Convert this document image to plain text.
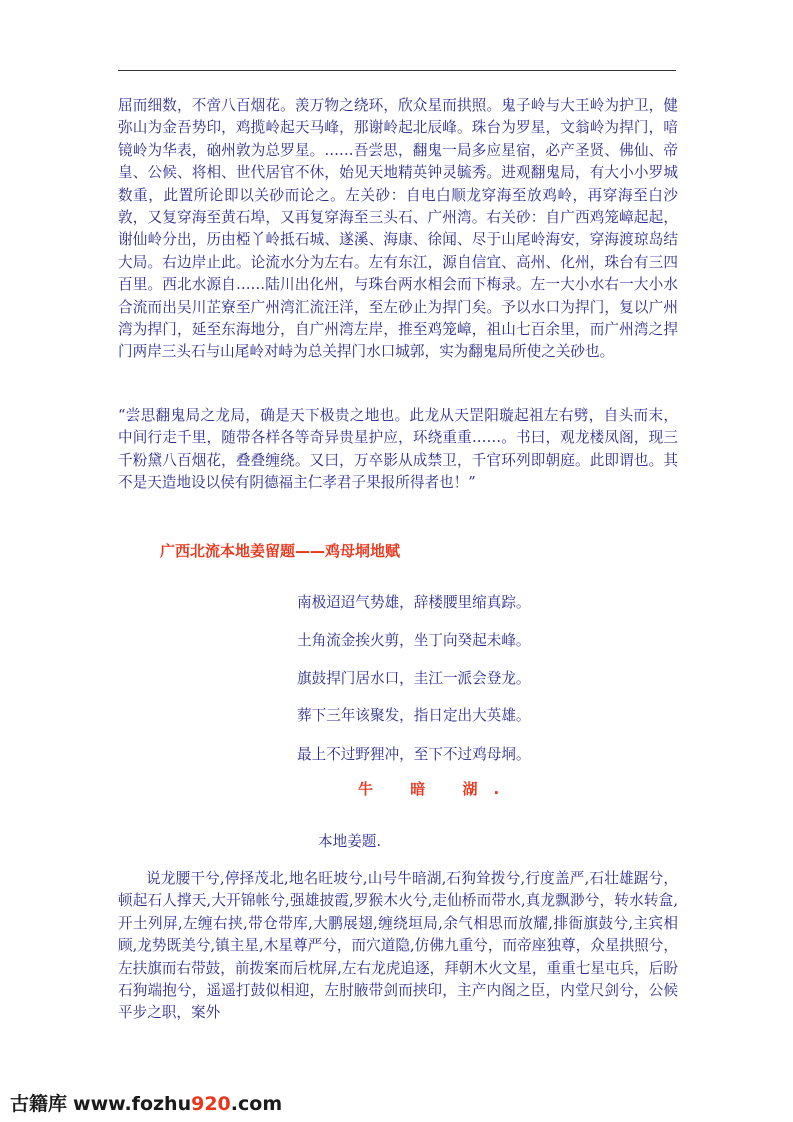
屈而细数，不啻八百烟花。羡万物之绕环，欣众星而拱照。鬼子岭与大王岭为护卫，健弥山为金吾势印，鸡揽岭起天马峰，那谢岭起北辰峰。珠台为罗星，文翁岭为捍门，喑镜岭为华表，硇州敦为总罗星。……吾尝思，翻鬼一局多应星宿，必产圣贤、佛仙、帝皇、公候、将相、世代居官不休，始见天地精英钟灵毓秀。进观翻鬼局，有大小小罗城数重，此置所论即以关砂而论之。左关砂：自电白顺龙穿海至放鸡岭，再穿海至白沙敦，又复穿海至黄石埠，又再复穿海至三头石、广州湾。右关砂：自广西鸡笼嶂起起，谢仙岭分出，历由椏丫岭抵石城、遂溪、海康、徐闻、尽于山尾岭海安，穿海渡琼岛结大局。右边岸止此。论流水分为左右。左有东江，源自信宜、高州、化州，珠台有三四百里。西北水源自……陆川出化州，与珠台两水相会而下梅录。左一大小水右一大小水合流而出吴川芷寮至广州湾汇流汪洋，至左砂止为捍门矣。予以水口为捍门，复以广州湾为捍门，延至东海地分，自广州湾左岸，推至鸡笼嶂，祖山七百余里，而广州湾之捍门两岸三头石与山尾岭对峙为总关捍门水口城郭，实为翻鬼局所使之关砂也。

“尝思翻鬼局之龙局，确是天下极贵之地也。此龙从天罡阳璇起祖左右劈，自头而末，中间行走千里，随带各样各等奇异贵星护应，环绕重重……。书曰，观龙楼凤阁，现三千粉黛八百烟花，叠叠缠绕。又曰，万卒影从成禁卫，千官环列即朝庭。此即谓也。其不是天造地设以侯有阴德福主仁孝君子果报所得者也！”

广西北流本地姜留题——鸡母垌地赋

南极迢迢气势雄，辞楼腰里缩真踪。

土角流金挨火剪，坐丁向癸起未峰。

旗鼓捍门居水口，圭江一派会登龙。

葬下三年该聚发，指日定出大英雄。

最上不过野狸冲，至下不过鸡母垌。

牛 暗 湖.

本地姜题.

说龙腰干兮,停择茂北,地名旺坡兮,山号牛暗湖,石狗耸拨兮,行度盖严,石壮雄踞兮，顿起石人撑天,大开锦帐兮,强雄披霞,罗猴木火兮,走仙桥而带水,真龙飘渺兮，转水转盒,开土列屏,左缠右挟,带仓带库,大鹏展翅,缠绕垣局,余气相思而放耀,排衙旗鼓兮,主宾相顾,龙势既美兮,镇主星,木星尊严兮，而穴道隐,仿佛九重兮，而帝座独尊，众星拱照兮，左扶旗而右带鼓，前拨案而后枕屏,左右龙虎追逐，拜朝木火文星，重重七星屯兵，后盼石狗端抱兮，遥遥打鼓似相迎，左肘腋带剑而挟印，主产内阁之臣，内堂尺剑兮，公候平步之职，案外

古籍库 www.fozhu920.com
